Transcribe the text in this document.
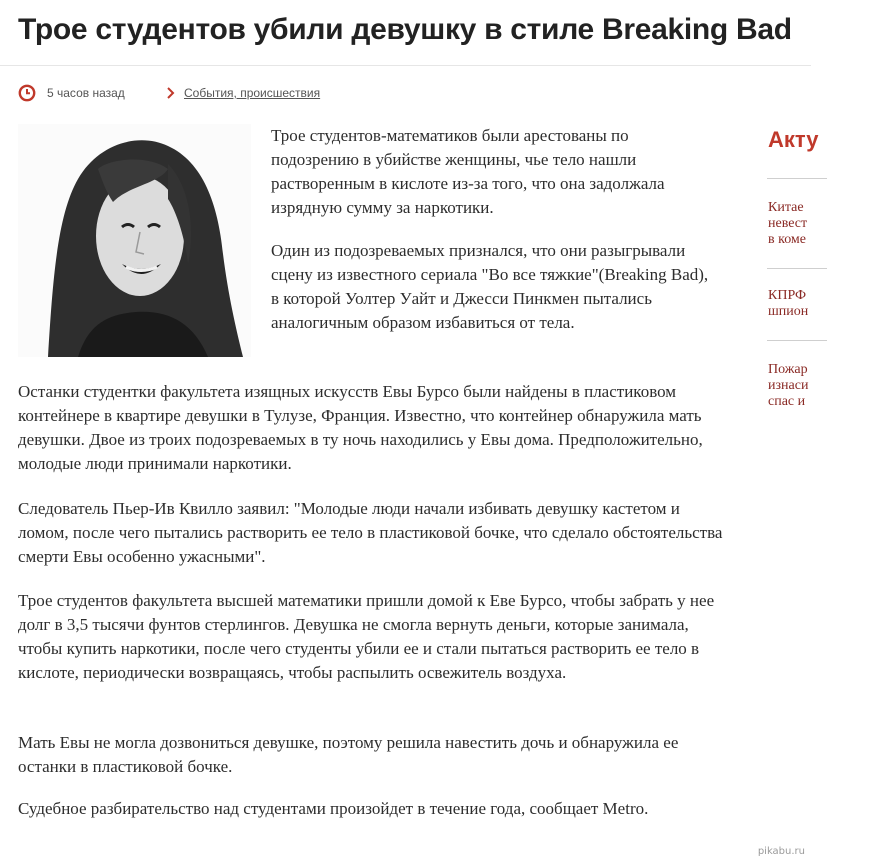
Трое студентов убили девушку в стиле Breaking Bad
5 часов назад	События, происшествия

Трое студентов-математиков были арестованы по подозрению в убийстве женщины, чье тело нашли растворенным в кислоте из-за того, что она задолжала изрядную сумму за наркотики.

Один из подозреваемых признался, что они разыгрывали сцену из известного сериала "Во все тяжкие"(Breaking Bad), в которой Уолтер Уайт и Джесси Пинкмен пытались аналогичным образом избавиться от тела.

Останки студентки факультета изящных искусств Евы Бурсо были найдены в пластиковом контейнере в квартире девушки в Тулузе, Франция. Известно, что контейнер обнаружила мать девушки. Двое из троих подозреваемых в ту ночь находились у Евы дома. Предположительно, молодые люди принимали наркотики.

Следователь Пьер-Ив Квилло заявил: "Молодые люди начали избивать девушку кастетом и ломом, после чего пытались растворить ее тело в пластиковой бочке, что сделало обстоятельства смерти Евы особенно ужасными".

Трое студентов факультета высшей математики пришли домой к Еве Бурсо, чтобы забрать у нее долг в 3,5 тысячи фунтов стерлингов. Девушка не смогла вернуть деньги, которые занимала, чтобы купить наркотики, после чего студенты убили ее и стали пытаться растворить ее тело в кислоте, периодически возвращаясь, чтобы распылить освежитель воздуха.

Мать Евы не могла дозвониться девушке, поэтому решила навестить дочь и обнаружила ее останки в пластиковой бочке.

Судебное разбирательство над студентами произойдет в течение года, сообщает Metro.

Акту
Китае
невест
в коме
КПРФ
шпион
Пожар
изнаси
спас и
pikabu.ru
